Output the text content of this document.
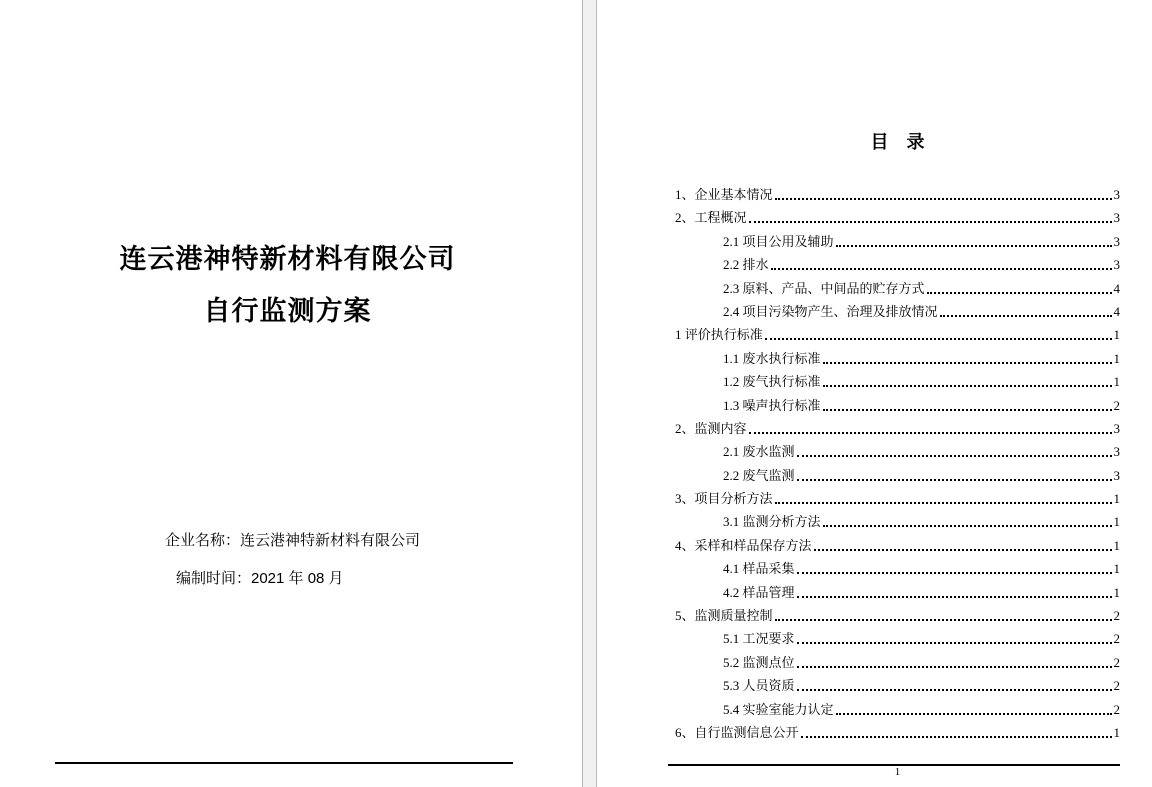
连云港神特新材料有限公司
自行监测方案
企业名称：连云港神特新材料有限公司
编制时间：2021 年 08 月
目　录
1、企业基本情况	3
2、工程概况	3
2.1 项目公用及辅助	3
2.2 排水	3
2.3 原料、产品、中间品的贮存方式	4
2.4 项目污染物产生、治理及排放情况	4
1 评价执行标准	1
1.1 废水执行标准	1
1.2 废气执行标准	1
1.3 噪声执行标准	2
2、监测内容	3
2.1 废水监测	3
2.2 废气监测	3
3、项目分析方法	1
3.1 监测分析方法	1
4、采样和样品保存方法	1
4.1 样品采集	1
4.2 样品管理	1
5、监测质量控制	2
5.1 工况要求	2
5.2 监测点位	2
5.3 人员资质	2
5.4 实验室能力认定	2
6、自行监测信息公开	1
1
